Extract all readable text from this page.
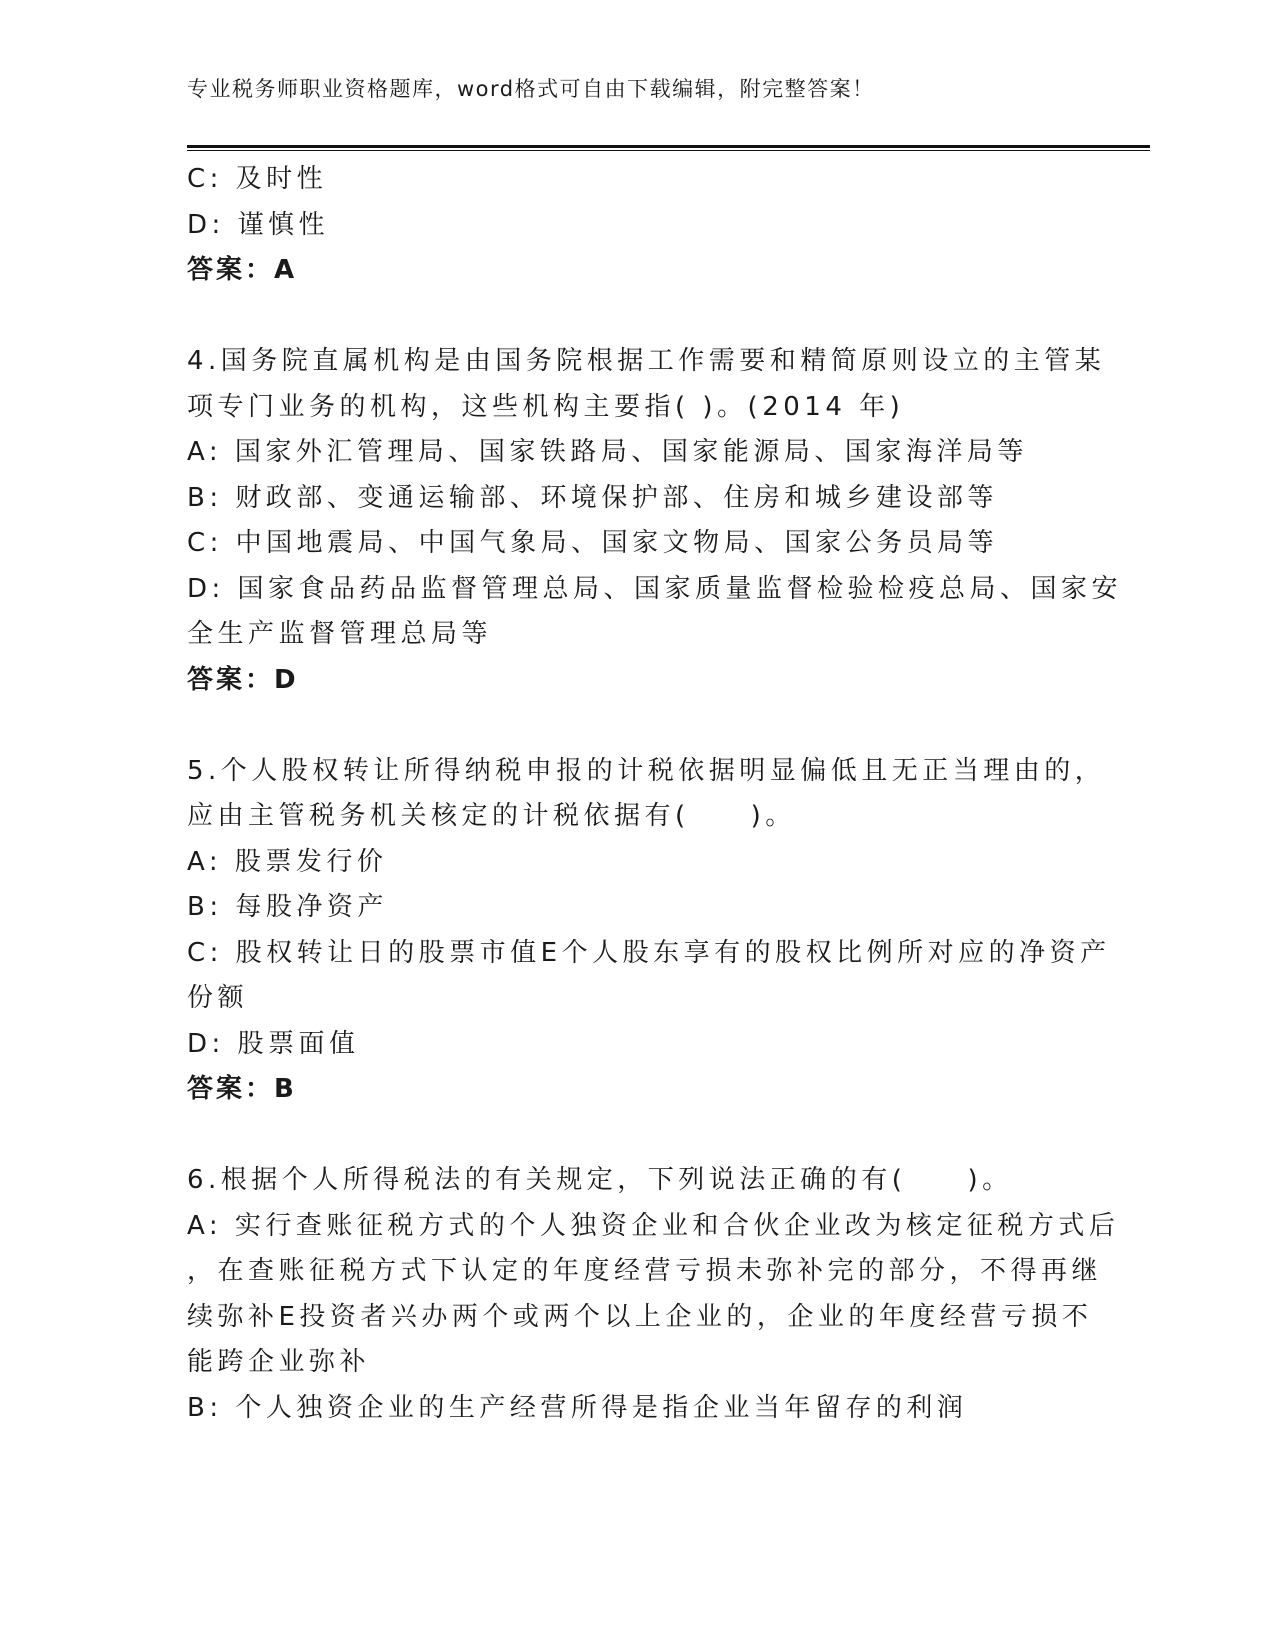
专业税务师职业资格题库，word格式可自由下载编辑，附完整答案！
C: 及时性
D: 谨慎性
答案：A
4.国务院直属机构是由国务院根据工作需要和精简原则设立的主管某
项专门业务的机构，这些机构主要指( )。(2014 年)
A: 国家外汇管理局、国家铁路局、国家能源局、国家海洋局等
B: 财政部、变通运输部、环境保护部、住房和城乡建设部等
C: 中国地震局、中国气象局、国家文物局、国家公务员局等
D: 国家食品药品监督管理总局、国家质量监督检验检疫总局、国家安
全生产监督管理总局等
答案：D
5.个人股权转让所得纳税申报的计税依据明显偏低且无正当理由的，
应由主管税务机关核定的计税依据有(　　)。
A: 股票发行价
B: 每股净资产
C: 股权转让日的股票市值E个人股东享有的股权比例所对应的净资产
份额
D: 股票面值
答案：B
6.根据个人所得税法的有关规定，下列说法正确的有(　　)。
A: 实行查账征税方式的个人独资企业和合伙企业改为核定征税方式后
，在查账征税方式下认定的年度经营亏损未弥补完的部分，不得再继
续弥补E投资者兴办两个或两个以上企业的，企业的年度经营亏损不
能跨企业弥补
B: 个人独资企业的生产经营所得是指企业当年留存的利润
